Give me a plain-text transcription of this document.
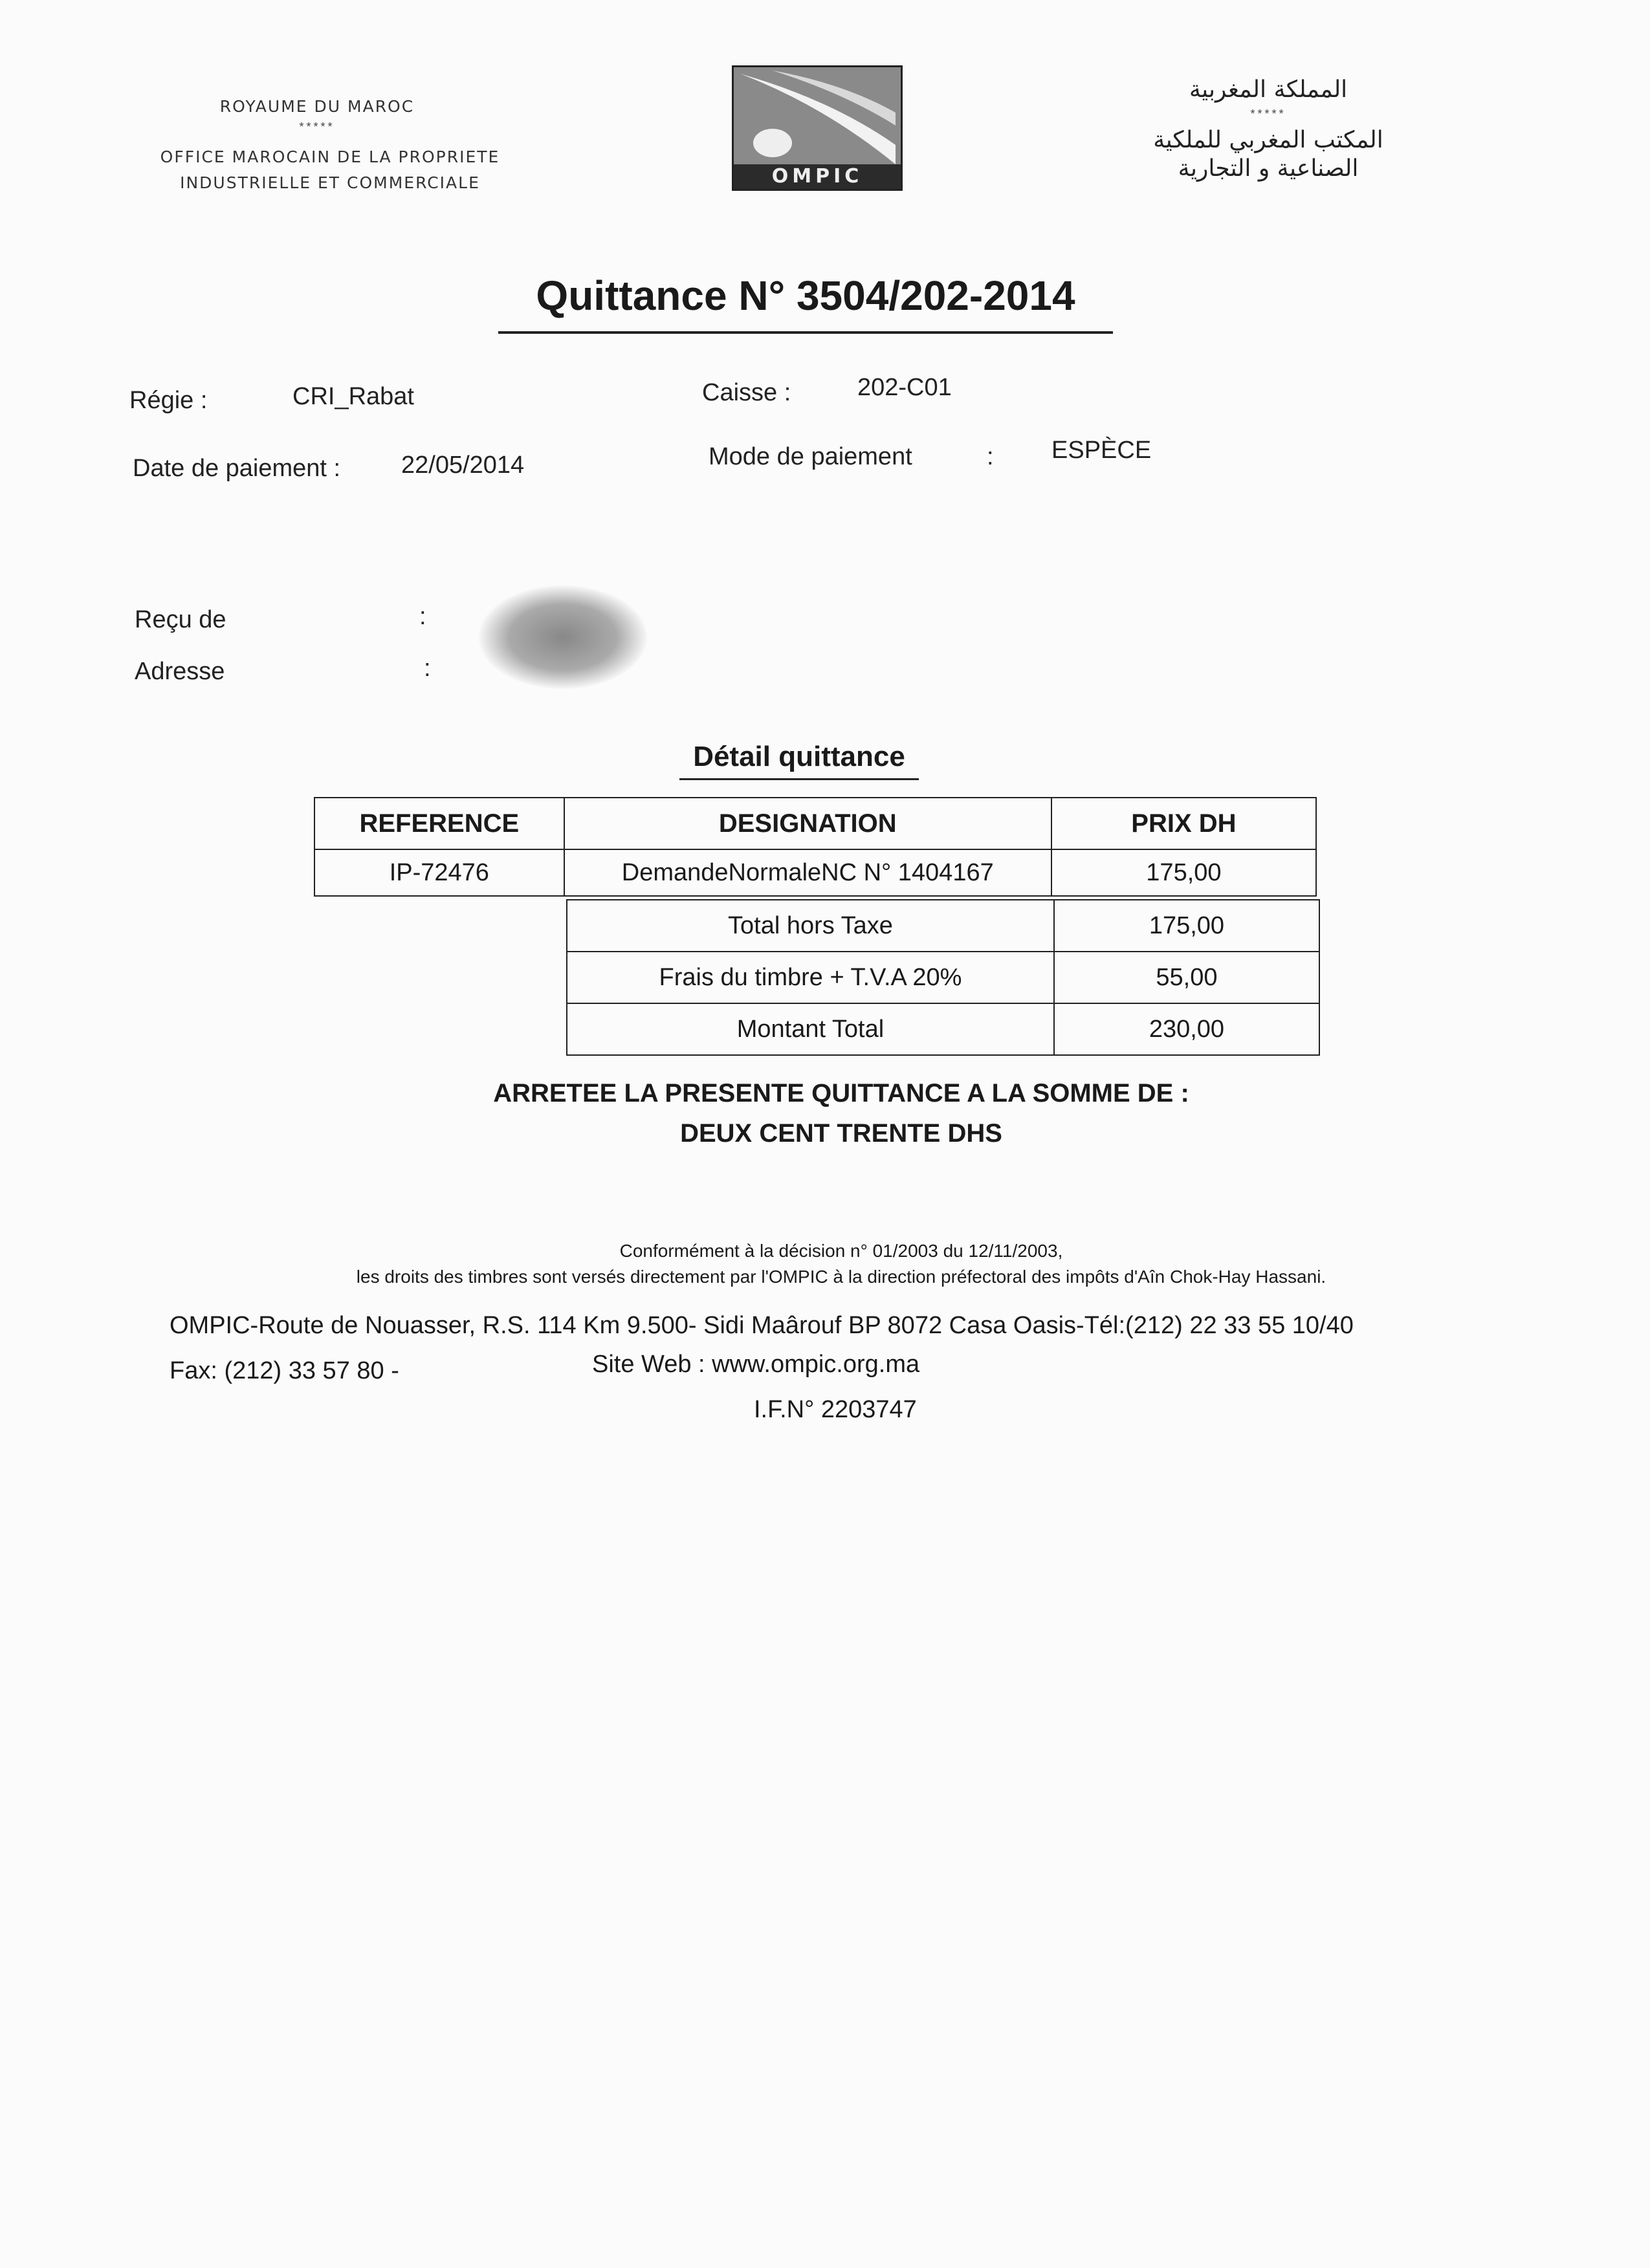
ROYAUME DU MAROC
*****
OFFICE MAROCAIN DE LA PROPRIETE
INDUSTRIELLE ET COMMERCIALE	OMPIC
المملكة المغربية
*****
المكتب المغربي للملكية
الصناعية و التجارية
Quittance N° 3504/202-2014
Régie :	CRI_Rabat	Caisse :	202-C01
Date de paiement : 22/05/2014	Mode de paiement	: ESPÈCE
Reçu de	:
Adresse	:
Détail quittance
REFERENCE	DESIGNATION	PRIX DH
IP-72476	DemandeNormaleNC N° 1404167	175,00
Total hors Taxe	175,00
Frais du timbre + T.V.A 20%	55,00
Montant Total	230,00
ARRETEE LA PRESENTE QUITTANCE A LA SOMME DE :
DEUX CENT TRENTE DHS
Conformément à la décision n° 01/2003 du 12/11/2003,
les droits des timbres sont versés directement par l'OMPIC à la direction préfectoral des impôts d'Aîn Chok-Hay Hassani.
OMPIC-Route de Nouasser, R.S. 114 Km 9.500- Sidi Maârouf BP 8072 Casa Oasis-Tél:(212) 22 33 55 10/40
Fax: (212) 33 57 80 -	Site Web : www.ompic.org.ma
I.F.N° 2203747
